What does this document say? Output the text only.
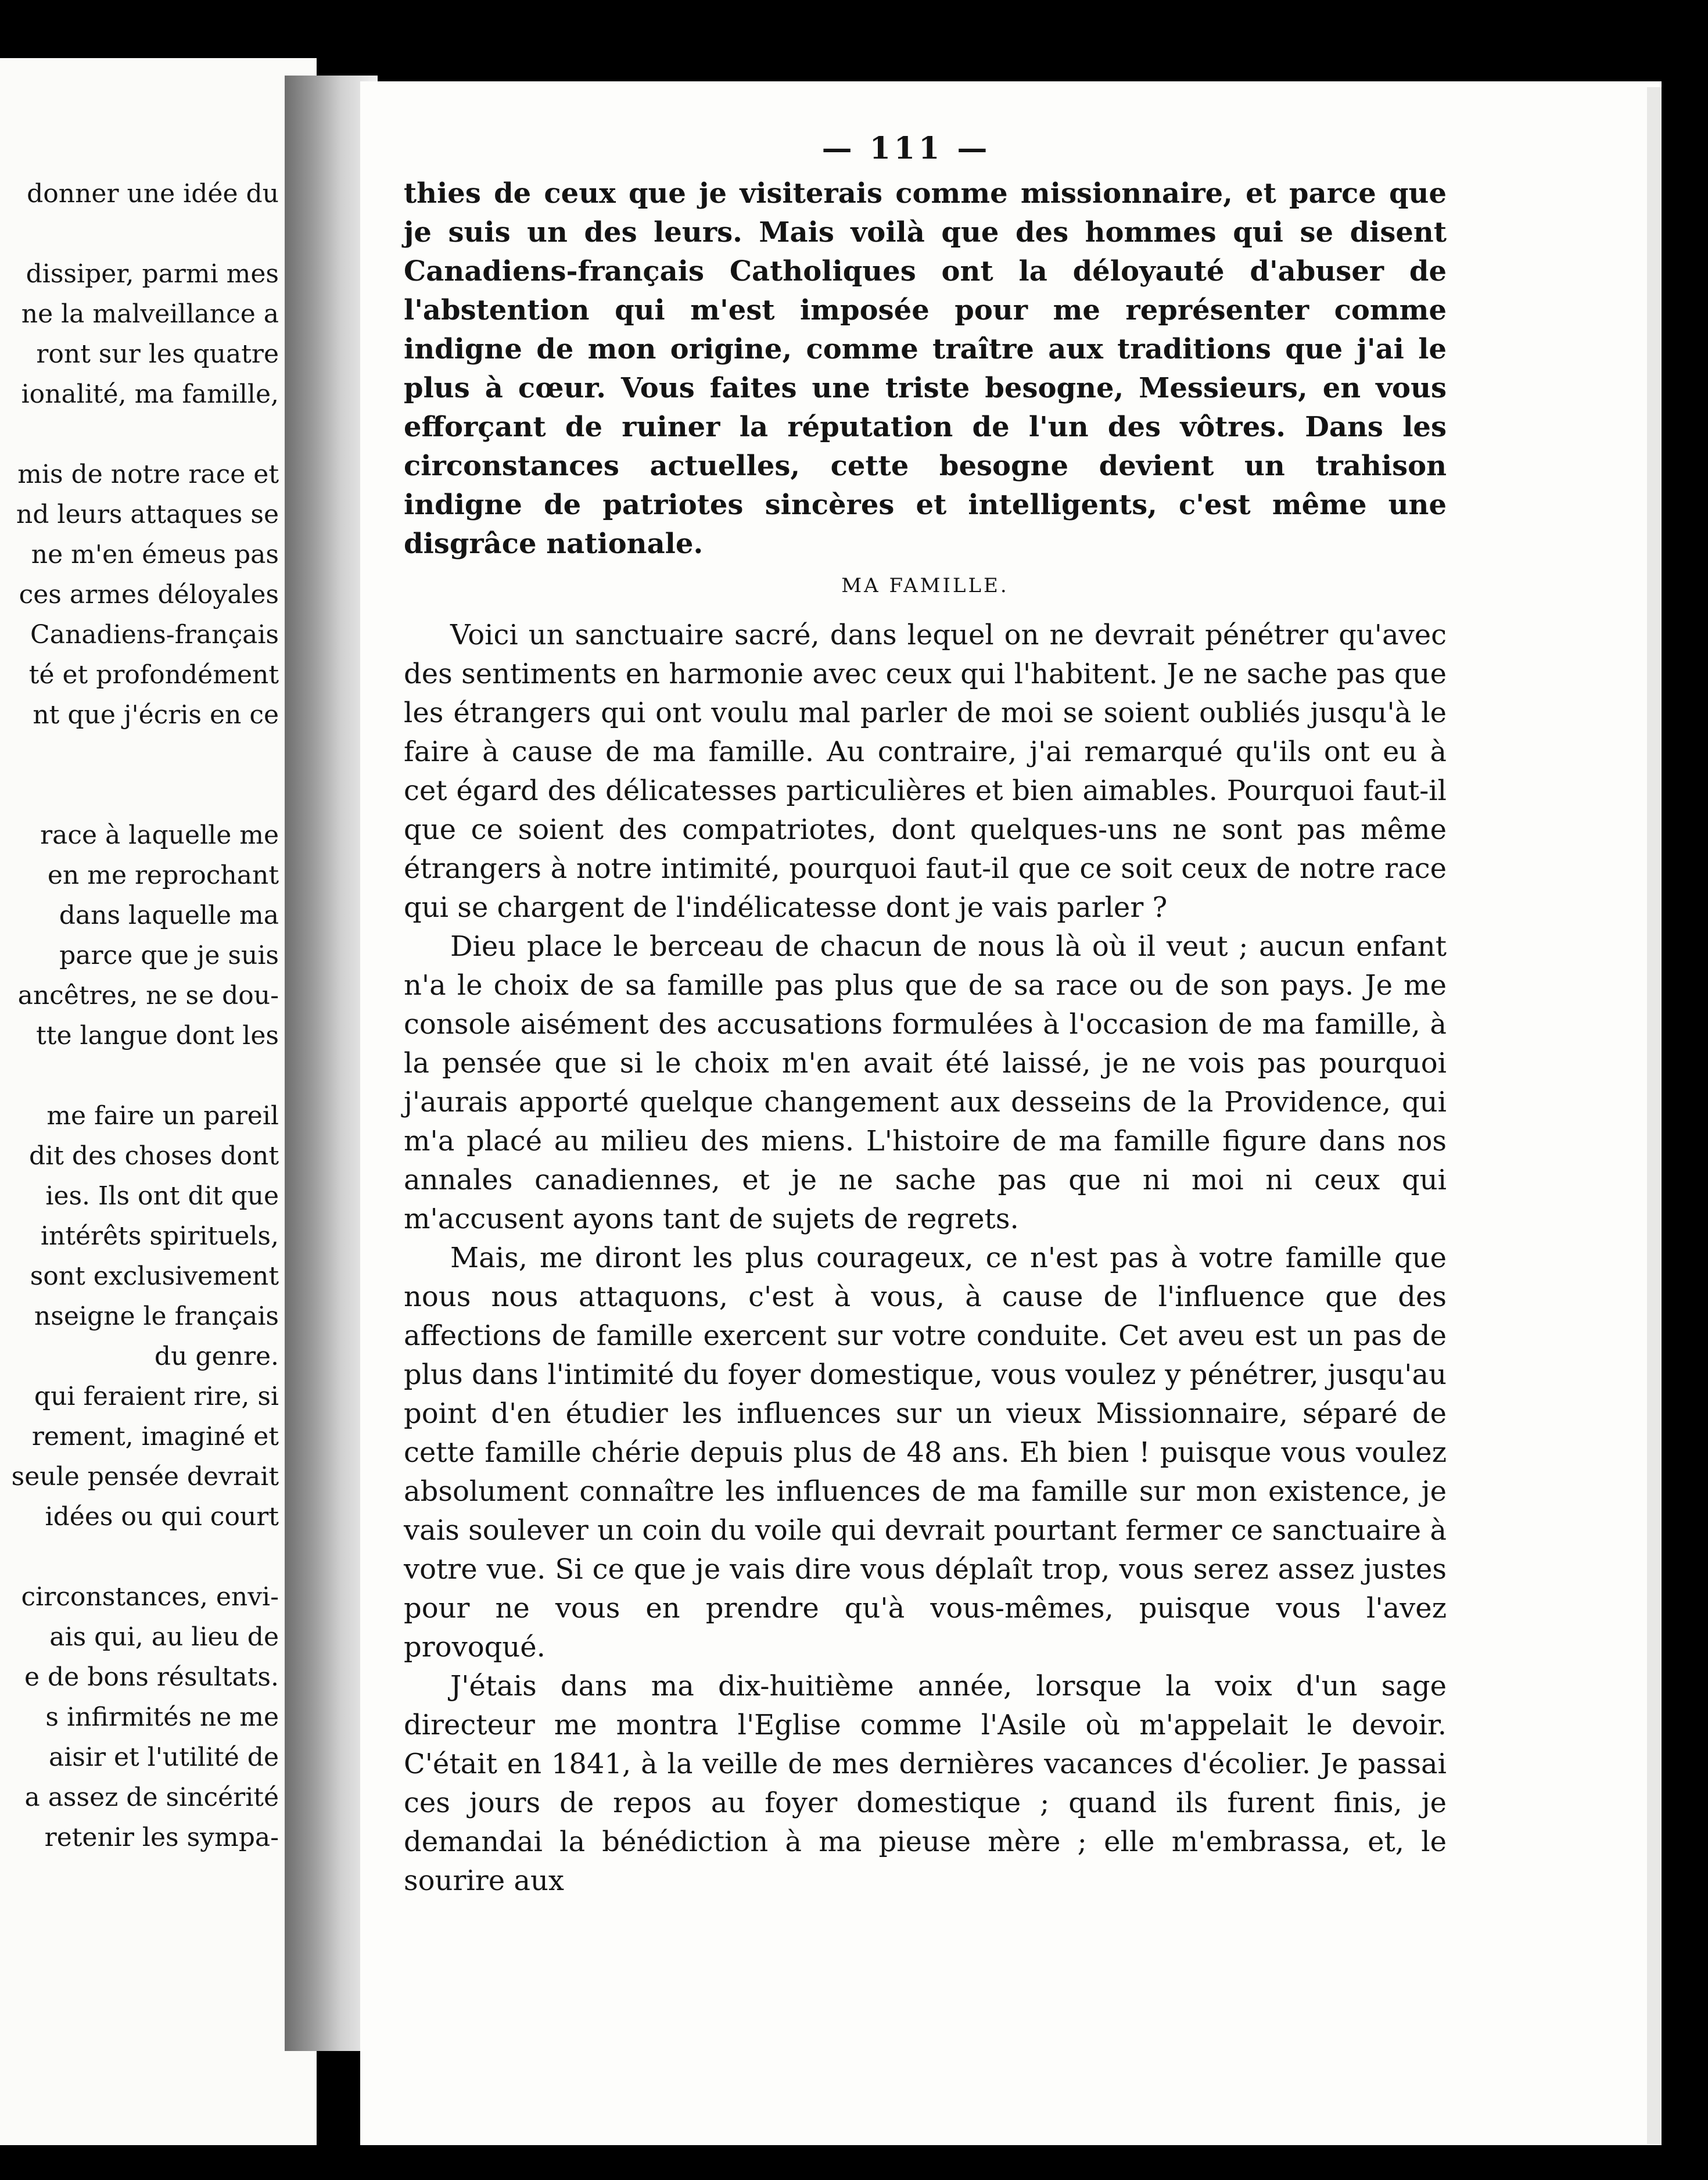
donner une idée du
dissiper, parmi mes
ne la malveillance a
ront sur les quatre
ionalité, ma famille,
mis de notre race et
nd leurs attaques se
ne m'en émeus pas
ces armes déloyales
Canadiens-français
té et profondément
nt que j'écris en ce
race à laquelle me
en me reprochant
dans laquelle ma
parce que je suis
ancêtres, ne se dou-
tte langue dont les
me faire un pareil
dit des choses dont
ies. Ils ont dit que
intérêts spirituels,
sont exclusivement
nseigne le français
du genre.
qui feraient rire, si
rement, imaginé et
seule pensée devrait
idées ou qui court
circonstances, envi-
ais qui, au lieu de
e de bons résultats.
s infirmités ne me
aisir et l'utilité de
a assez de sincérité
retenir les sympa-
— 111 —

thies de ceux que je visiterais comme missionnaire, et parce que je suis un des leurs. Mais voilà que des hommes qui se disent Canadiens-français Catholiques ont la déloyauté d'abuser de l'abstention qui m'est imposée pour me représenter comme indigne de mon origine, comme traître aux traditions que j'ai le plus à cœur. Vous faites une triste besogne, Messieurs, en vous efforçant de ruiner la réputation de l'un des vôtres. Dans les circonstances actuelles, cette besogne devient un trahison indigne de patriotes sincères et intelligents, c'est même une disgrâce nationale.

MA FAMILLE.

Voici un sanctuaire sacré, dans lequel on ne devrait pénétrer qu'avec des sentiments en harmonie avec ceux qui l'habitent. Je ne sache pas que les étrangers qui ont voulu mal parler de moi se soient oubliés jusqu'à le faire à cause de ma famille. Au contraire, j'ai remarqué qu'ils ont eu à cet égard des délicatesses particulières et bien aimables. Pourquoi faut-il que ce soient des compatriotes, dont quelques-uns ne sont pas même étrangers à notre intimité, pourquoi faut-il que ce soit ceux de notre race qui se chargent de l'indélicatesse dont je vais parler ?

Dieu place le berceau de chacun de nous là où il veut ; aucun enfant n'a le choix de sa famille pas plus que de sa race ou de son pays. Je me console aisément des accusations formulées à l'occasion de ma famille, à la pensée que si le choix m'en avait été laissé, je ne vois pas pourquoi j'aurais apporté quelque changement aux desseins de la Providence, qui m'a placé au milieu des miens. L'histoire de ma famille figure dans nos annales canadiennes, et je ne sache pas que ni moi ni ceux qui m'accusent ayons tant de sujets de regrets.

Mais, me diront les plus courageux, ce n'est pas à votre famille que nous nous attaquons, c'est à vous, à cause de l'influence que des affections de famille exercent sur votre conduite. Cet aveu est un pas de plus dans l'intimité du foyer domestique, vous voulez y pénétrer, jusqu'au point d'en étudier les influences sur un vieux Missionnaire, séparé de cette famille chérie depuis plus de 48 ans. Eh bien ! puisque vous voulez absolument connaître les influences de ma famille sur mon existence, je vais soulever un coin du voile qui devrait pourtant fermer ce sanctuaire à votre vue. Si ce que je vais dire vous déplaît trop, vous serez assez justes pour ne vous en prendre qu'à vous-mêmes, puisque vous l'avez provoqué.

J'étais dans ma dix-huitième année, lorsque la voix d'un sage directeur me montra l'Eglise comme l'Asile où m'appelait le devoir. C'était en 1841, à la veille de mes dernières vacances d'écolier. Je passai ces jours de repos au foyer domestique ; quand ils furent finis, je demandai la bénédiction à ma pieuse mère ; elle m'embrassa, et, le sourire aux
